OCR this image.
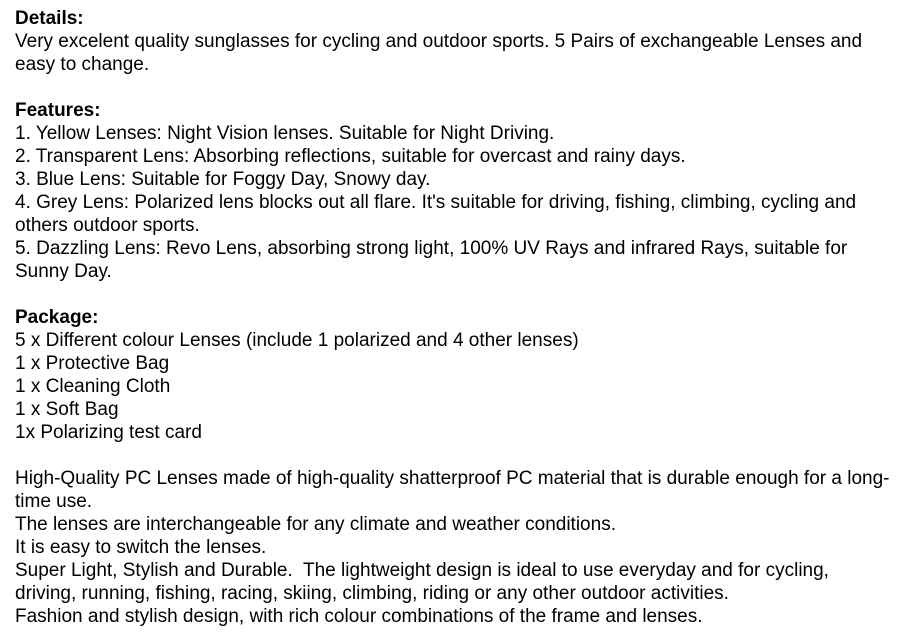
Details:
Very excelent quality sunglasses for cycling and outdoor sports. 5 Pairs of exchangeable Lenses and easy to change.
Features:
1. Yellow Lenses: Night Vision lenses. Suitable for Night Driving.
2. Transparent Lens: Absorbing reflections, suitable for overcast and rainy days.
3. Blue Lens: Suitable for Foggy Day, Snowy day.
4. Grey Lens: Polarized lens blocks out all flare. It's suitable for driving, fishing, climbing, cycling and others outdoor sports.
5. Dazzling Lens: Revo Lens, absorbing strong light, 100% UV Rays and infrared Rays, suitable for Sunny Day.
Package:
5 x Different colour Lenses (include 1 polarized and 4 other lenses)
1 x Protective Bag
1 x Cleaning Cloth
1 x Soft Bag
1x Polarizing test card
High-Quality PC Lenses made of high-quality shatterproof PC material that is durable enough for a long-time use.
The lenses are interchangeable for any climate and weather conditions.
It is easy to switch the lenses.
Super Light, Stylish and Durable.  The lightweight design is ideal to use everyday and for cycling, driving, running, fishing, racing, skiing, climbing, riding or any other outdoor activities.
Fashion and stylish design, with rich colour combinations of the frame and lenses.
